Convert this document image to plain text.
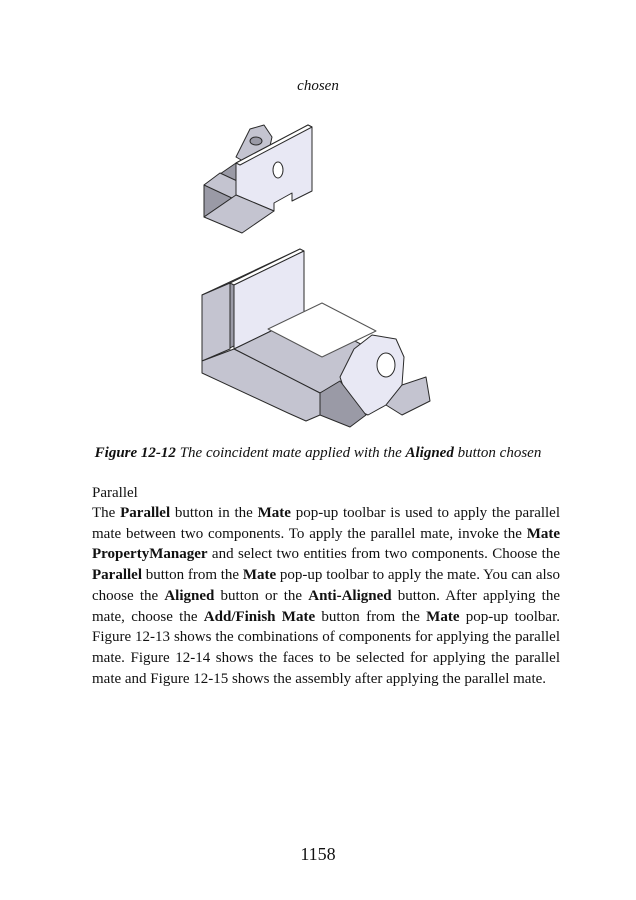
chosen
Figure 12-12 The coincident mate applied with the Aligned button chosen
Parallel
The Parallel button in the Mate pop-up toolbar is used to apply the parallel mate between two components. To apply the parallel mate, invoke the Mate PropertyManager and select two entities from two components. Choose the Parallel button from the Mate pop-up toolbar to apply the mate. You can also choose the Aligned button or the Anti-Aligned button. After applying the mate, choose the Add/Finish Mate button from the Mate pop-up toolbar. Figure 12-13 shows the combinations of components for applying the parallel mate. Figure 12-14 shows the faces to be selected for applying the parallel mate and Figure 12-15 shows the assembly after applying the parallel mate.
1158
